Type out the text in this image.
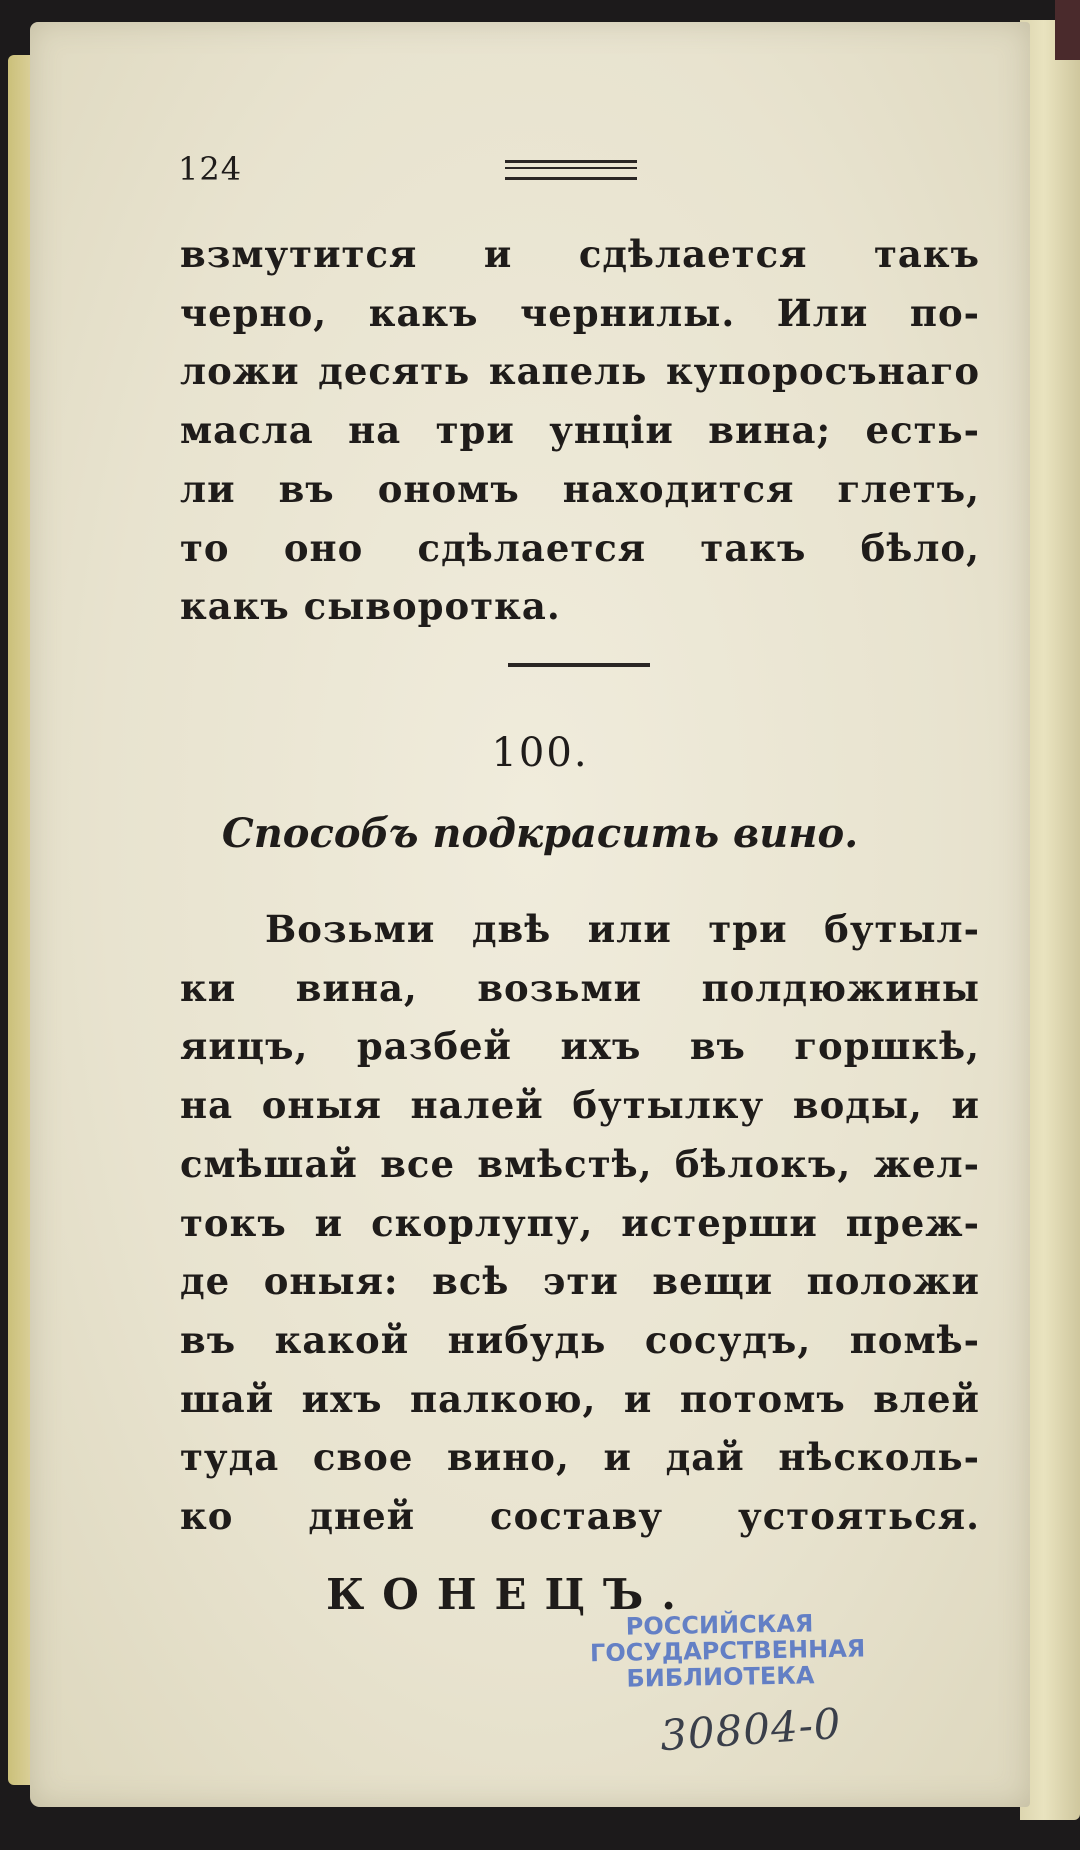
124
взмутится и сдѣлается такъ
черно, какъ чернилы. Или по-
ложи десять капель купоросънаго
масла на три унціи вина; есть-
ли въ ономъ находится глетъ,
то оно сдѣлается такъ бѣло,
какъ сыворотка.
100.
Способъ подкрасить вино.
Возьми двѣ или три бутыл-
ки вина, возьми полдюжины
яицъ, разбей ихъ въ горшкѣ,
на оныя налей бутылку воды, и
смѣшай все вмѣстѣ, бѣлокъ, жел-
токъ и скорлупу, истерши преж-
де оныя: всѣ эти вещи положи
въ какой нибудь сосудъ, помѣ-
шай ихъ палкою, и потомъ влей
туда свое вино, и дай нѣсколь-
ко дней составу устояться.
КОНЕЦЪ.
РОССИЙСКАЯ
ГОСУДАРСТВЕННАЯ
БИБЛИОТЕКА
30804-0
